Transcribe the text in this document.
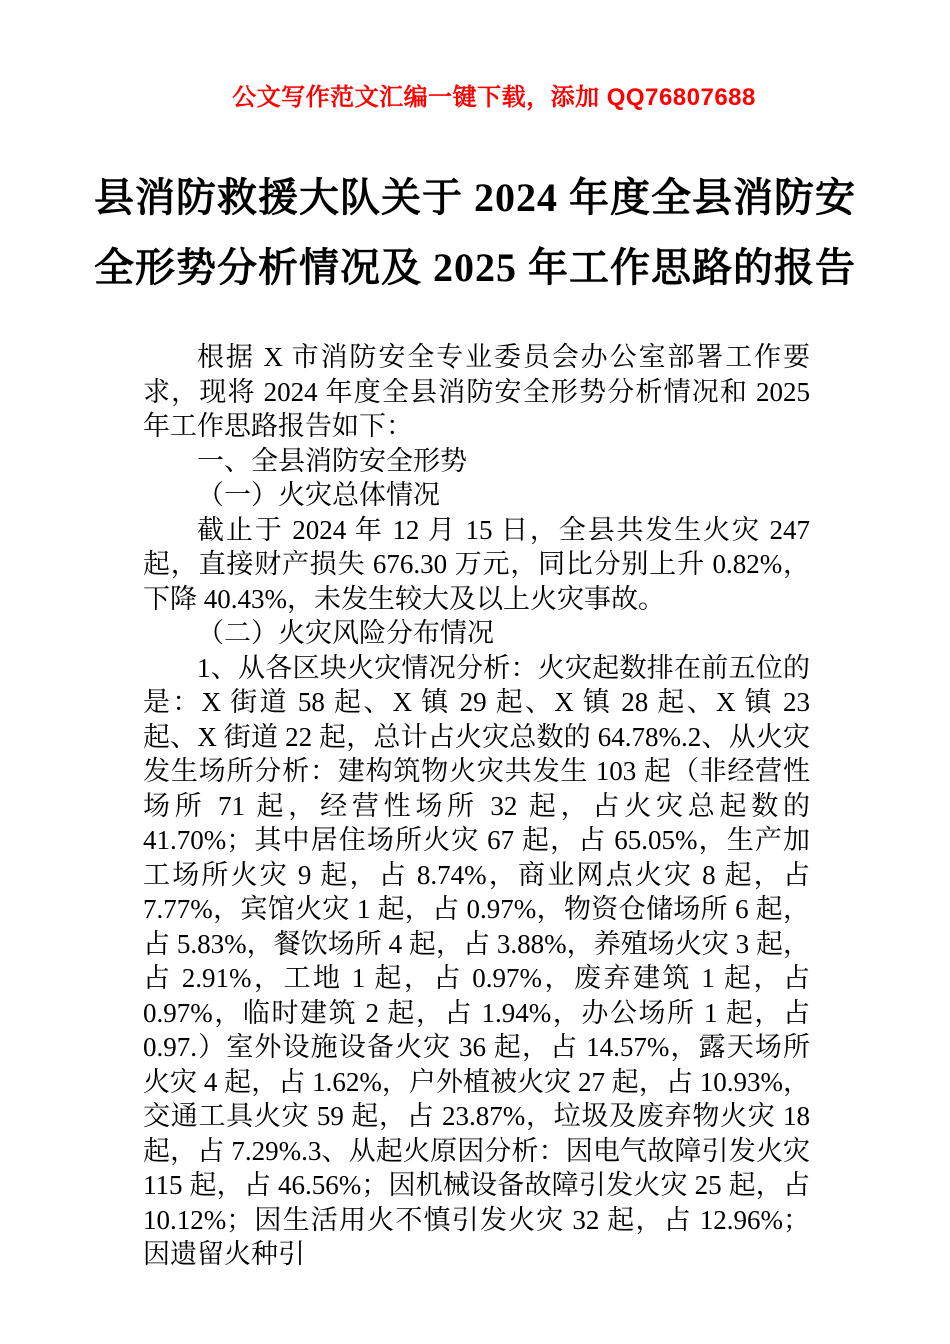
公文写作范文汇编一键下载，添加 QQ76807688
县消防救援大队关于 2024 年度全县消防安
全形势分析情况及 2025 年工作思路的报告

根据 X 市消防安全专业委员会办公室部署工作要求，现将 2024 年度全县消防安全形势分析情况和 2025 年工作思路报告如下：

一、全县消防安全形势

（一）火灾总体情况

截止于 2024 年 12 月 15 日，全县共发生火灾 247 起，直接财产损失 676.30 万元，同比分别上升 0.82%，下降 40.43%，未发生较大及以上火灾事故。

（二）火灾风险分布情况

1、从各区块火灾情况分析：火灾起数排在前五位的是：X 街道 58 起、X 镇 29 起、X 镇 28 起、X 镇 23 起、X 街道 22 起，总计占火灾总数的 64.78%.2、从火灾发生场所分析：建构筑物火灾共发生 103 起（非经营性场所 71 起，经营性场所 32 起，占火灾总起数的 41.70%；其中居住场所火灾 67 起，占 65.05%，生产加工场所火灾 9 起，占 8.74%，商业网点火灾 8 起，占 7.77%，宾馆火灾 1 起，占 0.97%，物资仓储场所 6 起，占 5.83%，餐饮场所 4 起，占 3.88%，养殖场火灾 3 起，占 2.91%，工地 1 起，占 0.97%，废弃建筑 1 起，占 0.97%，临时建筑 2 起，占 1.94%，办公场所 1 起，占 0.97.）室外设施设备火灾 36 起，占 14.57%，露天场所火灾 4 起，占 1.62%，户外植被火灾 27 起，占 10.93%，交通工具火灾 59 起，占 23.87%，垃圾及废弃物火灾 18 起，占 7.29%.3、从起火原因分析：因电气故障引发火灾 115 起，占 46.56%；因机械设备故障引发火灾 25 起，占 10.12%；因生活用火不慎引发火灾 32 起，占 12.96%；因遗留火种引
